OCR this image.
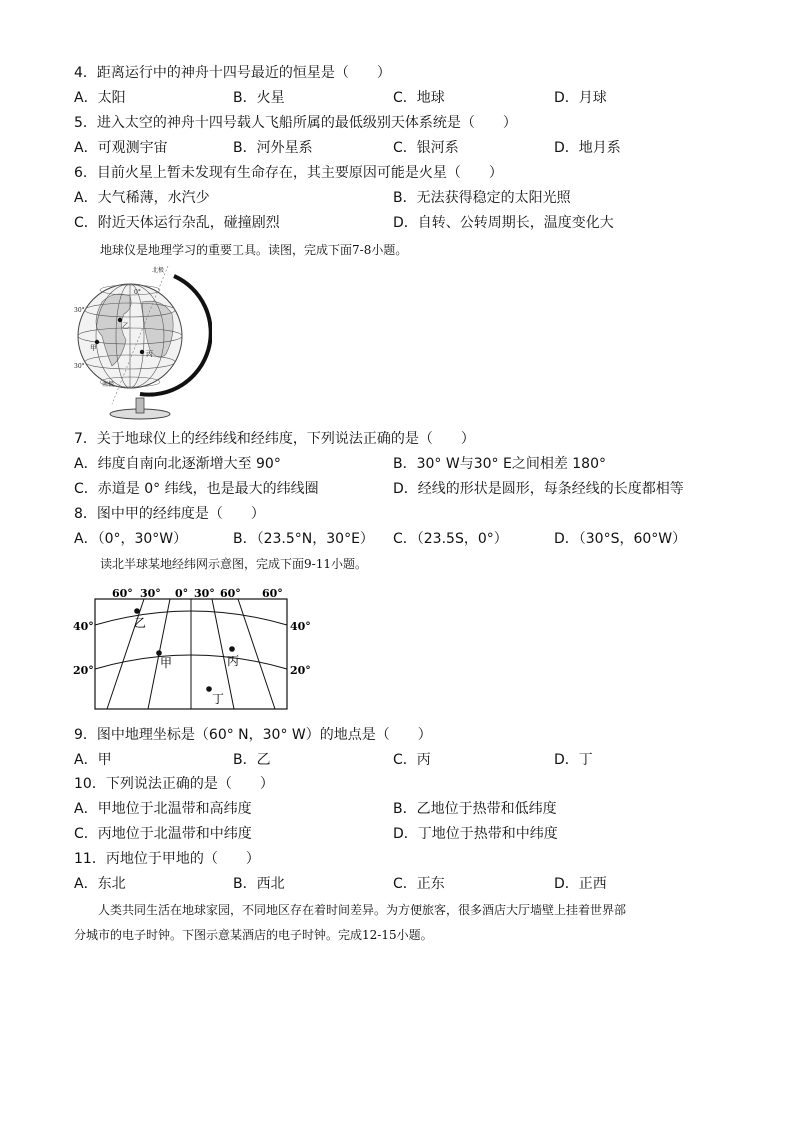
4．距离运行中的神舟十四号最近的恒星是（　　）
A．太阳	B．火星	C．地球	D．月球
5．进入太空的神舟十四号载人飞船所属的最低级别天体系统是（　　）
A．可观测宇宙	B．河外星系	C．银河系	D．地月系
6．目前火星上暂未发现有生命存在，其主要原因可能是火星（　　）
A．大气稀薄，水汽少	B．无法获得稳定的太阳光照
C．附近天体运行杂乱，碰撞剧烈	D．自转、公转周期长，温度变化大
地球仪是地理学习的重要工具。读图，完成下面7-8小题。
北极
南极
30°
30°
0°
甲
乙
丙
7．关于地球仪上的经纬线和经纬度，下列说法正确的是（　　）
A．纬度自南向北逐渐增大至 90°	B．30° W与30° E之间相差 180°
C．赤道是 0° 纬线，也是最大的纬线圈	D．经线的形状是圆形，每条经线的长度都相等
8．图中甲的经纬度是（　　）
A．（0°，30°W）	B．（23.5°N，30°E） C．（23.5S，0°）	D．（30°S，60°W）
读北半球某地经纬网示意图，完成下面9-11小题。
60° 30° 0° 30° 60° 60°
40°
20°
40°
20°
乙
甲	丙
丁
9．图中地理坐标是（60° N，30° W）的地点是（　　）
A．甲	B．乙	C．丙	D．丁
10．下列说法正确的是（　　）
A．甲地位于北温带和高纬度	B．乙地位于热带和低纬度
C．丙地位于北温带和中纬度	D．丁地位于热带和中纬度
11．丙地位于甲地的（　　）
A．东北	B．西北	C．正东	D．正西
　　人类共同生活在地球家园，不同地区存在着时间差异。为方便旅客，很多酒店大厅墙壁上挂着世界部
分城市的电子时钟。下图示意某酒店的电子时钟。完成12-15小题。
